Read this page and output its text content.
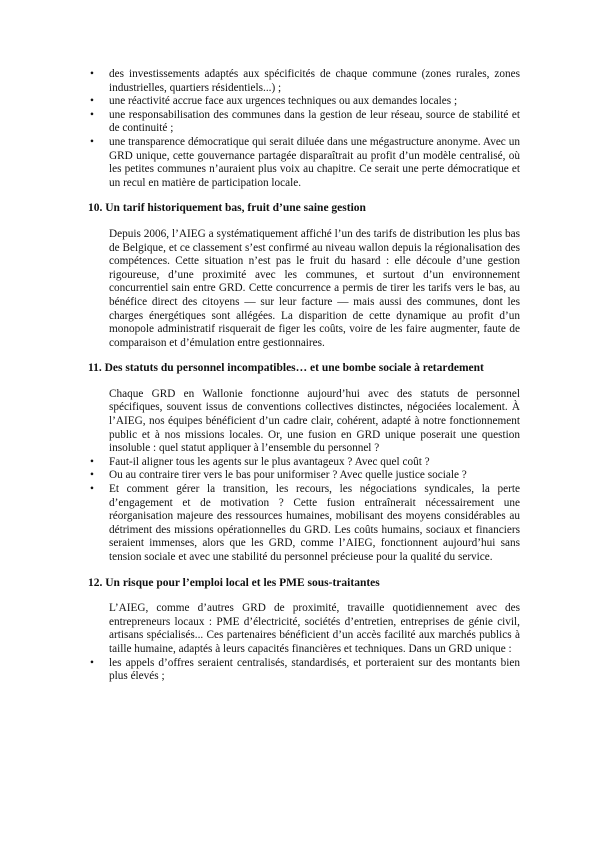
• des investissements adaptés aux spécificités de chaque commune (zones rurales, zones industrielles, quartiers résidentiels...) ;
• une réactivité accrue face aux urgences techniques ou aux demandes locales ;
• une responsabilisation des communes dans la gestion de leur réseau, source de stabilité et de continuité ;
• une transparence démocratique qui serait diluée dans une mégastructure anonyme. Avec un GRD unique, cette gouvernance partagée disparaîtrait au profit d’un modèle centralisé, où les petites communes n’auraient plus voix au chapitre. Ce serait une perte démocratique et un recul en matière de participation locale.
10. Un tarif historiquement bas, fruit d’une saine gestion

Depuis 2006, l’AIEG a systématiquement affiché l’un des tarifs de distribution les plus bas de Belgique, et ce classement s’est confirmé au niveau wallon depuis la régionalisation des compétences. Cette situation n’est pas le fruit du hasard : elle découle d’une gestion rigoureuse, d’une proximité avec les communes, et surtout d’un environnement concurrentiel sain entre GRD. Cette concurrence a permis de tirer les tarifs vers le bas, au bénéfice direct des citoyens — sur leur facture — mais aussi des communes, dont les charges énergétiques sont allégées. La disparition de cette dynamique au profit d’un monopole administratif risquerait de figer les coûts, voire de les faire augmenter, faute de comparaison et d’émulation entre gestionnaires.

11. Des statuts du personnel incompatibles… et une bombe sociale à retardement

Chaque GRD en Wallonie fonctionne aujourd’hui avec des statuts de personnel spécifiques, souvent issus de conventions collectives distinctes, négociées localement. À l’AIEG, nos équipes bénéficient d’un cadre clair, cohérent, adapté à notre fonctionnement public et à nos missions locales. Or, une fusion en GRD unique poserait une question insoluble : quel statut appliquer à l’ensemble du personnel ?

• Faut-il aligner tous les agents sur le plus avantageux ? Avec quel coût ?
• Ou au contraire tirer vers le bas pour uniformiser ? Avec quelle justice sociale ?
• Et comment gérer la transition, les recours, les négociations syndicales, la perte d’engagement et de motivation ? Cette fusion entraînerait nécessairement une réorganisation majeure des ressources humaines, mobilisant des moyens considérables au détriment des missions opérationnelles du GRD. Les coûts humains, sociaux et financiers seraient immenses, alors que les GRD, comme l’AIEG, fonctionnent aujourd’hui sans tension sociale et avec une stabilité du personnel précieuse pour la qualité du service.
12. Un risque pour l’emploi local et les PME sous-traitantes

L’AIEG, comme d’autres GRD de proximité, travaille quotidiennement avec des entrepreneurs locaux : PME d’électricité, sociétés d’entretien, entreprises de génie civil, artisans spécialisés... Ces partenaires bénéficient d’un accès facilité aux marchés publics à taille humaine, adaptés à leurs capacités financières et techniques. Dans un GRD unique :

• les appels d’offres seraient centralisés, standardisés, et porteraient sur des montants bien plus élevés ;
